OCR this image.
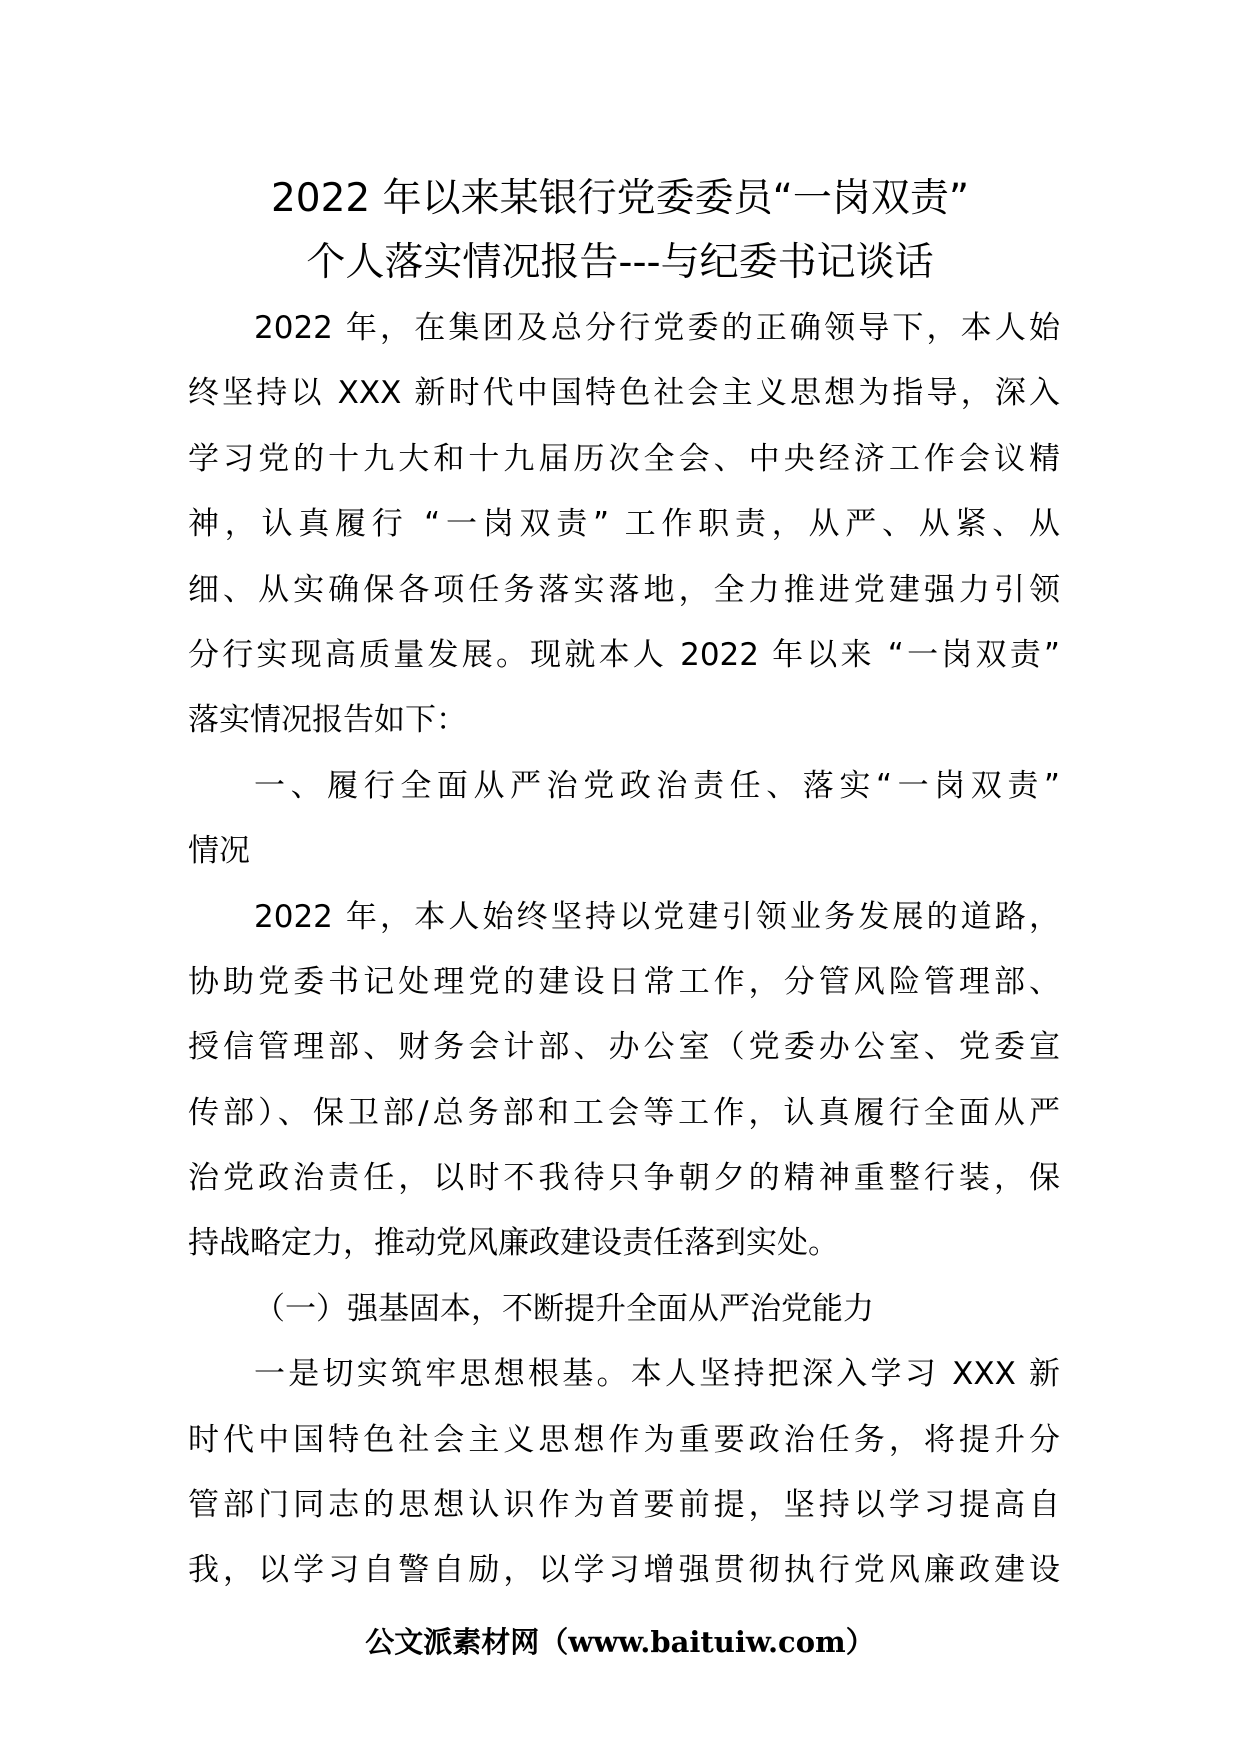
2022 年以来某银行党委委员“一岗双责”
个人落实情况报告---与纪委书记谈话
2022 年，在集团及总分行党委的正确领导下，本人始
终坚持以 XXX 新时代中国特色社会主义思想为指导，深入
学习党的十九大和十九届历次全会、中央经济工作会议精
神，认真履行 “一岗双责” 工作职责，从严、从紧、从
细、从实确保各项任务落实落地，全力推进党建强力引领
分行实现高质量发展。现就本人 2022 年以来 “一岗双责”
落实情况报告如下：
一、履行全面从严治党政治责任、落实“一岗双责”
情况
2022 年，本人始终坚持以党建引领业务发展的道路，
协助党委书记处理党的建设日常工作，分管风险管理部、
授信管理部、财务会计部、办公室（党委办公室、党委宣
传部）、保卫部/总务部和工会等工作，认真履行全面从严
治党政治责任，以时不我待只争朝夕的精神重整行装，保
持战略定力，推动党风廉政建设责任落到实处。
（一）强基固本，不断提升全面从严治党能力
一是切实筑牢思想根基。本人坚持把深入学习 XXX 新
时代中国特色社会主义思想作为重要政治任务，将提升分
管部门同志的思想认识作为首要前提，坚持以学习提高自
我，以学习自警自励，以学习增强贯彻执行党风廉政建设
公文派素材网（www.baituiw.com）
